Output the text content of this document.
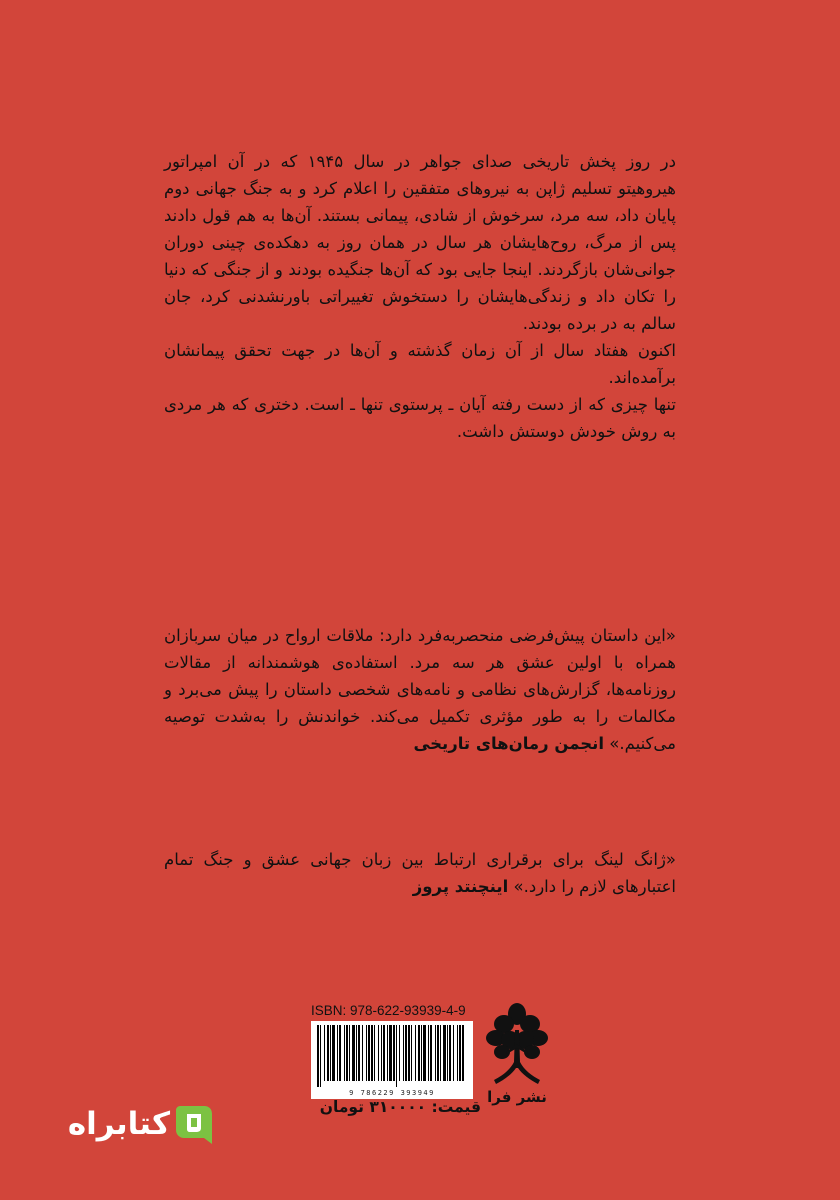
در روز پخش تاریخی صدای جواهر در سال ۱۹۴۵ که در آن امپراتور هیروهیتو تسلیم ژاپن به نیروهای متفقین را اعلام کرد و به جنگ جهانی دوم پایان داد، سه مرد، سرخوش از شادی، پیمانی بستند. آن‌ها به هم قول دادند پس از مرگ، روح‌هایشان هر سال در همان روز به دهکده‌ی چینی دوران جوانی‌شان بازگردند. اینجا جایی بود که آن‌ها جنگیده بودند و از جنگی که دنیا را تکان داد و زندگی‌هایشان را دستخوش تغییراتی باورنشدنی کرد، جان سالم به در برده بودند.

اکنون هفتاد سال از آن زمان گذشته و آن‌ها در جهت تحقق پیمانشان برآمده‌اند.

تنها چیزی که از دست رفته آیان ـ پرستوی تنها ـ است. دختری که هر مردی به روش خودش دوستش داشت.

«این داستان پیش‌فرضی منحصربه‌فرد دارد: ملاقات ارواح در میان سربازان همراه با اولین عشق هر سه مرد. استفاده‌ی هوشمندانه از مقالات روزنامه‌ها، گزارش‌های نظامی و نامه‌های شخصی داستان را پیش می‌برد و مکالمات را به طور مؤثری تکمیل می‌کند. خواندنش را به‌شدت توصیه می‌کنیم.» انجمن رمان‌های تاریخی
«ژانگ لینگ برای برقراری ارتباط بین زبان جهانی عشق و جنگ تمام اعتبارهای لازم را دارد.» اینچنتد پروز
ISBN: 978-622-93939-4-9
9 786229 393949
قیمت: ۳۱۰۰۰۰ تومان
نشر فرا
کتابراه
